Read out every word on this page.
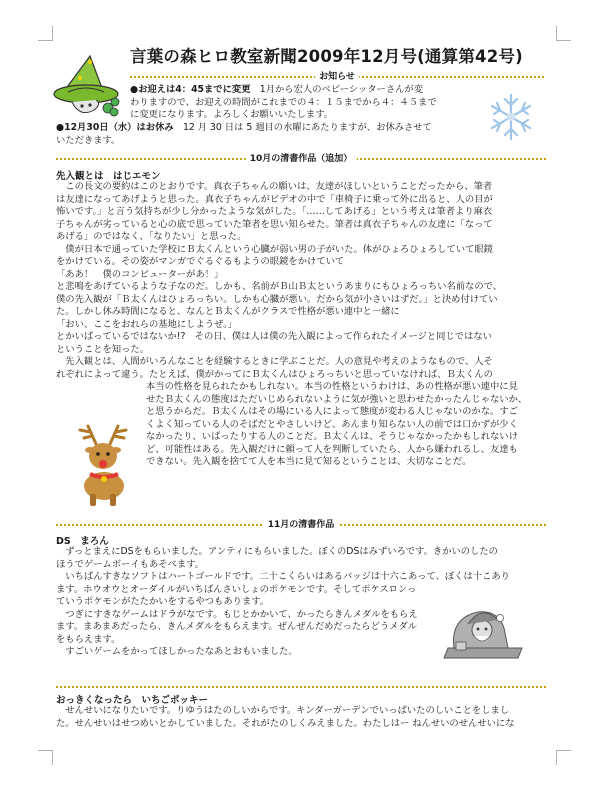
言葉の森ヒロ教室新聞2009年12月号(通算第42号)
お知らせ

●お迎えは4：45までに変更　1月から宏人のベビーシッターさんが変

わりますので、お迎えの時間がこれまでの４：１５までから４：４５まで

に変更になります。よろしくお願いいたします。

●12月30日（水）はお休み　12 月 30 日は 5 週目の水曜にあたりますが、お休みさせて

いただきます。

10月の清書作品（追加）
先入観とは　はじエモン

この長文の要約はこのとおりです。真衣子ちゃんの願いは、友達がほしいということだったから、筆者

は友達になってあげようと思った。真衣子ちゃんがビデオの中で「車椅子に乗って外に出ると、人の目が

怖いです。」と言う気持ちが少し分かったような気がした。「……してあげる」という考えは筆者より麻衣

子ちゃんが劣っていると心の底で思っていた筆者を思い知らせた。筆者は真衣子ちゃんの友達に「なって

あげる」のではなく、「なりたい」と思った。

僕が日本で通っていた学校にＢ太くんという心臓が弱い男の子がいた。体がひょろひょろしていて眼鏡

をかけている。その姿がマンガでぐるぐるもようの眼鏡をかけていて

「ああ！　僕のコンピューターがあ！」

と悲鳴をあげているような子なのだ。しかも、名前がＢ山Ｂ太というあまりにもひょろっちい名前なので、

僕の先入観が「Ｂ太くんはひょろっちい。しかも心臓が悪い。だから気が小さいはずだ。」と決め付けてい

た。しかし休み時間になると、なんとＢ太くんがクラスで性格が悪い連中と一緒に

「おい、ここをおれらの基地にしようぜ。」

とかいばっているではないか!?　その日、僕は人は僕の先入観によって作られたイメージと同じではない

ということを知った。

先入観とは、人間がいろんなことを経験するときに学ぶことだ。人の意見や考えのようなもので、人そ

れぞれによって違う。たとえば、僕がかってにＢ太くんはひょろっちいと思っていなければ、Ｂ太くんの

本当の性格を見られたかもしれない。本当の性格というわけは、あの性格が悪い連中に見

せたＢ太くんの態度はただいじめられないように気が強いと思わせたかったんじゃないか、

と思うからだ。Ｂ太くんはその場にいる人によって態度が変わる人じゃないのかな。すご

くよく知っている人のそばだとやさしいけど、あんまり知らない人の前では口かずが少く

なかったり、いばったりする人のことだ。Ｂ太くんは、そうじゃなかったかもしれないけ

ど、可能性はある。先入観だけに頼って人を判断していたら、人から嫌われるし、友達も

できない。先入観を捨てて人を本当に見て知るということは、大切なことだ。

11月の清書作品
DS　まろん

ずっとまえにDSをもらいました。アンティにもらいました。ぼくのDSはみずいろです。きかいのしたの

ほうでゲームボーイもあそべます。

いちばんすきなソフトはハートゴールドです。二十こくらいはあるバッジは十六こあって、ぼくは十こあり

ます。ホウオウとオーダイルがいちばんさいしょのポケモンです。そしてポケスロンっ

ていうポケモンがたたかいをするやつもあります。

つぎにすきなゲームはドラがなです。もじとかかいて、かったらきんメダルをもらえ

ます。まあまあだったら、きんメダルをもらえます。ぜんぜんだめだったらどうメダル

をもらえます。

すごいゲームをかってほしかったなあとおもいました。

おっきくなったら　いちごポッキー

せんせいになりたいです。りゆうはたのしいからです。キンダーガーデンでいっぱいたのしいことをしまし

た。せんせいはせつめいとかしていました。それがたのしくみえました。わたしはー ねんせいのせんせいにな
